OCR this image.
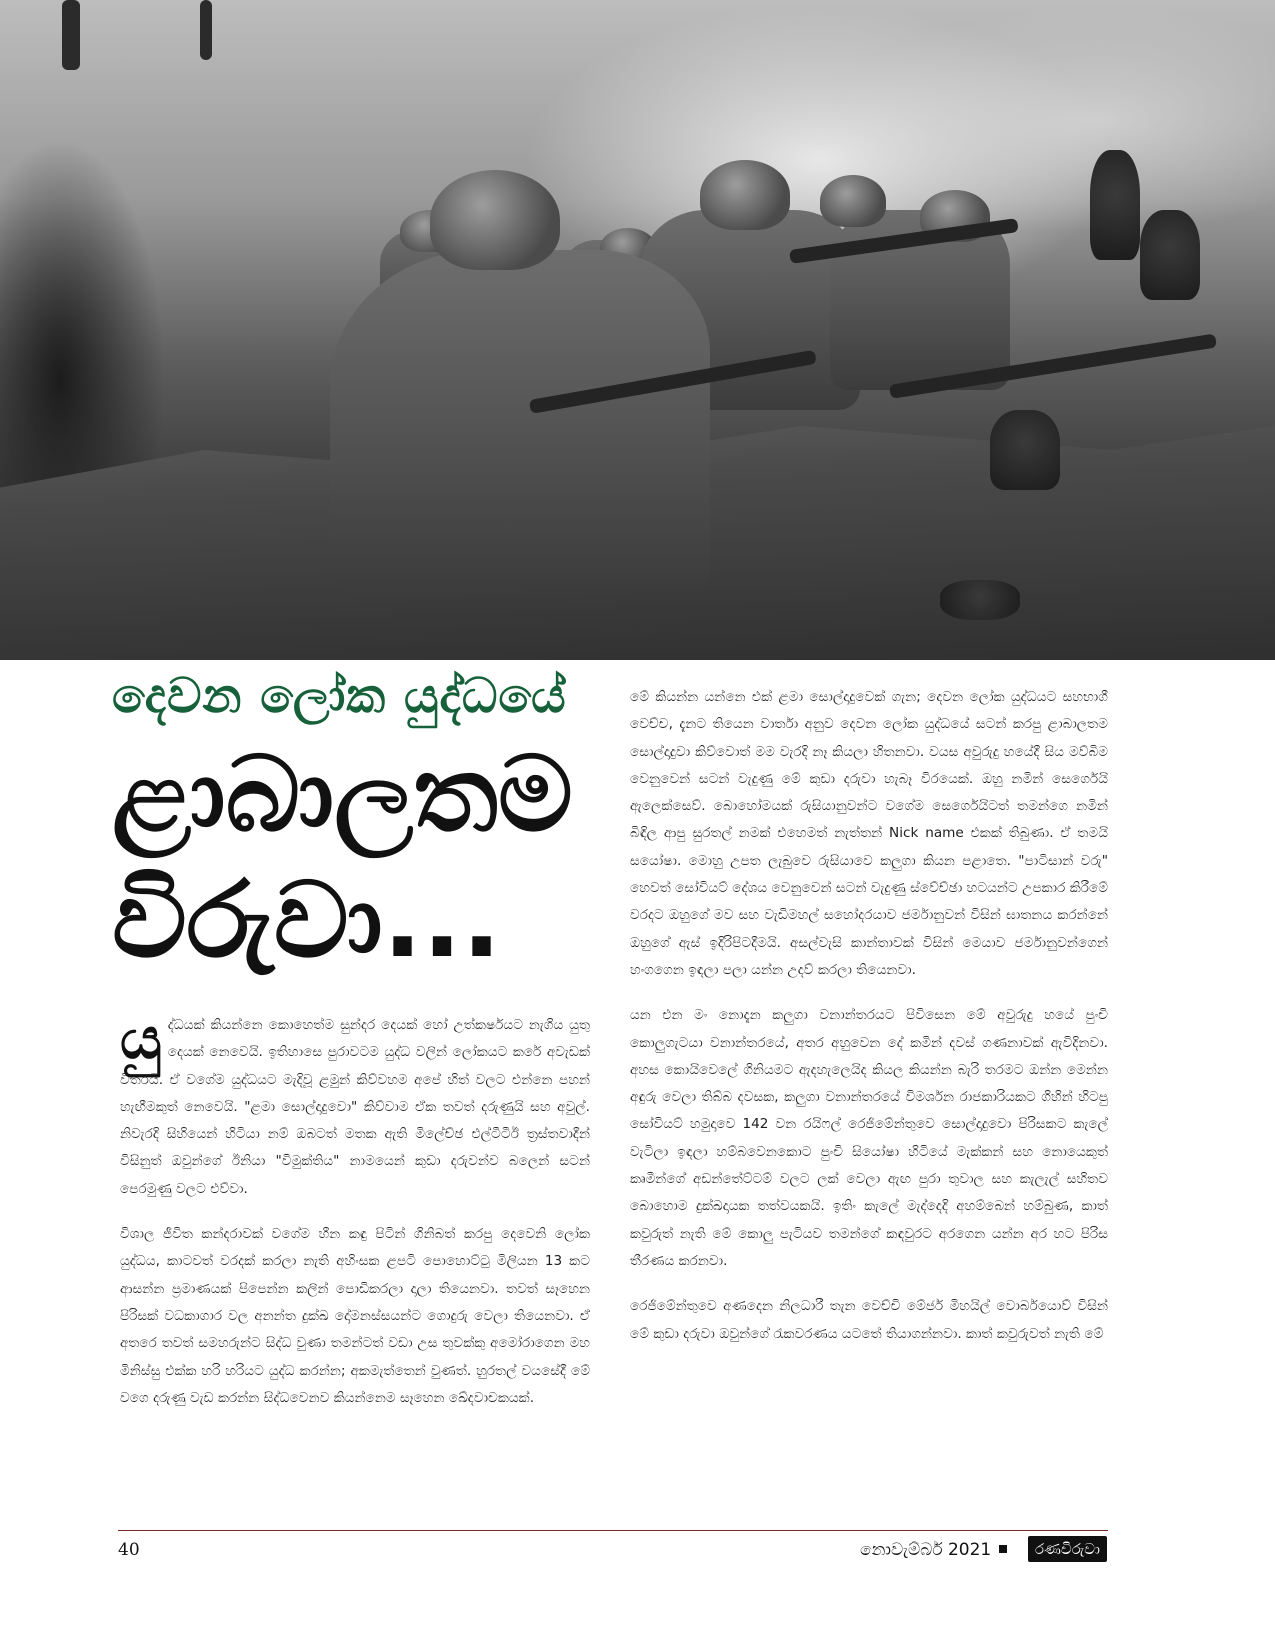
දෙවන ලෝක යුද්ධයේ
ළාබාලතම
විරුවා...

යුද්ධයක් කියන්නෙ කොහෙත්ම සුන්දර දෙයක් හෝ උත්කර්ෂයට නැගිය යුතු දෙයක් නෙවෙයි. ඉතිහාසෙ පුරාවටම යුද්ධ වලින් ලෝකයට කරේ අවැඩක් විතරයි. ඒ වගේම යුද්ධයට මැදිවූ ළමුන් කිව්වහම අපේ හිත් වලට එන්නෙ පහන් හැඟීමකුත් නෙවෙයි. "ළමා සොල්දාදුවො" කිව්වාම ඒක තවත් දරුණුයි සහ අවුල්. නිවැරදි සිහියෙන් හිටියා නම් ඔබටත් මතක ඇති මිලේච්ඡ එල්ටීටීඊ ත්‍රස්තවාදීන් විසිනුත් ඔවුන්ගේ ඊනියා "විමුක්තිය" නාමයෙන් කුඩා දරුවන්ව බලෙන් සටන් පෙරමුණු වලට එව්වා.

විශාල ජීවිත කන්දරාවක් වගේම හීන කඳු පිටින් ගිනිබත් කරපු දෙවෙනි ලෝක යුද්ධය, කාටවත් වරදක් කරලා නැති අහිංසක ළපටි පොහොට්ටු මිලියන 13 කට ආසන්න ප්‍රමාණයක් පිපෙන්න කලින් පොඩිකරලා දාලා තියෙනවා. තවත් සෑහෙන පිරිසක් වධකාගාර වල අනන්ත දුක්ඛ දෝමනස්සයන්ට ගොදුරු වෙලා තියෙනවා. ඒ අතරෙ තවත් සමහරුන්ට සිද්ධ වුණා තමන්ටත් වඩා උස තුවක්කු අමෝරාගෙන මහ මිනිස්සු එක්ක හරි හරියට යුද්ධ කරන්න; අකමැත්තෙන් වුණත්. හුරතල් වයසේදී මේ වගෙ දරුණු වැඩ කරන්න සිද්ධවෙනව කියන්නෙම සෑහෙන ඛේදවාචකයක්.

මේ කියන්න යන්නෙ එක් ළමා සොල්දාදුවෙක් ගැන; දෙවන ලෝක යුද්ධයට සහභාගී වෙච්ච, දැනට තියෙන වාර්තා අනුව දෙවන ලෝක යුද්ධයේ සටන් කරපු ළාබාලතම සොල්දාදුවා කිව්වොත් මම වැරදි නෑ කියලා හිතනවා. වයස අවුරුදු හයේදී සිය මව්බිම වෙනුවෙන් සටන් වැදුණු මේ කුඩා දරුවා හැබෑ විරයෙක්. ඔහු නමින් සෙර්ගෙයි ඇලෙක්සෙව්. බොහෝමයක් රුසියානුවන්ට වගේම සෙර්ගෙයිටත් තමන්ගෙ නමින් බිඳිල ආපු සුරතල් නමක් එහෙමත් නැත්තන් Nick name එකක් තිබුණා. ඒ තමයි සයෝෂා. මොහු උපත ලැබුවෙ රුසියාවෙ කලුගා කියන පළාතෙ. "පාටිසාන් වරු" හෙවත් සෝවියට් දේශය වෙනුවෙන් සටන් වැදුණු ස්වේච්ඡා හටයන්ට උපකාර කිරීමේ වරදට ඔහුගේ මව සහ වැඩිමහල් සහෝදරයාව ජර්මානුවන් විසින් ඝාතනය කරන්නේ ඔහුගේ ඇස් ඉදිරිපිටදීමයි. අසල්වැසි කාන්තාවක් විසින් මෙයාව ජර්මානුවන්ගෙන් හංගගෙන ඉඳලා පලා යන්න උදව් කරලා තියෙනවා.

යන එන මං නොදැන කලුගා වනාන්තරයට පිවිසෙන මේ අවුරුදු හයේ පුංචි කොලුගැටයා වනාන්තරයේ, අතර අහුවෙන දේ කමින් දවස් ගණනාවක් ඇවිදිනවා. අහස කොයිවෙලේ ගිනියමට ඇදහැලෙයිද කියල කියන්න බැරි තරමට ඔන්න මෙන්න අඳුරු වෙලා තිබ්බ දවසක, කලුගා වනාන්තරයේ විමර්ශන රාජකාරියකට ගිහින් හිටපු සෝවියට් හමුදාවෙ 142 වන රයිෆල් රෙජිමේන්තුවෙ සොල්දාදුවො පිරිසකට කැලේ වැටිලා ඉඳලා හම්බවෙනකොට පුංචි සියෝෂා හිටියේ මැක්කන් සහ නොයෙකුත් කෘමීන්ගේ අඩන්තේට්ටම් වලට ලක් වෙලා ඇඟ පුරා තුවාල සහ කැලැල් සහිතව බොහොම දුක්ඛදායක තත්වයකයි. ඉතිං කැලේ මැද්දෙදි අහම්බෙන් හම්බුණ, කාත් කවුරුත් නැති මේ කොලු පැටියව තමන්ගේ කඳවුරට අරගෙන යන්න අර හට පිරිස තීරණය කරනවා.

රෙජිමේන්තුවෙ අණදෙන නිලධාරී තැන වෙච්චි මේජර් මිහයිල් වොර්බයොව් විසින් මේ කුඩා දරුවා ඔවුන්ගේ රැකවරණය යටතේ තියාගන්නවා. කාත් කවුරුවත් නැති මේ

40	නොවැම්බර් 2021	රණවිරුවා
